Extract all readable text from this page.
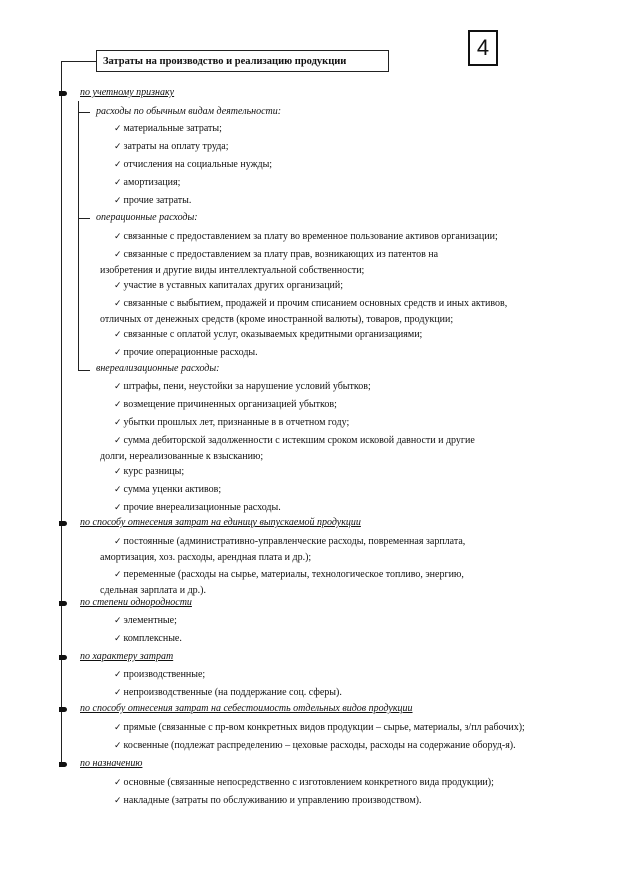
Затраты на производство и реализацию продукции
4
по учетному признаку
расходы по обычным видам деятельности:
✓ материальные затраты;
✓ затраты на оплату труда;
✓ отчисления на социальные нужды;
✓ амортизация;
✓ прочие затраты.
операционные расходы:
✓ связанные с предоставлением за плату во временное пользование активов организации;
✓ связанные с предоставлением за плату прав, возникающих из патентов на
изобретения и другие виды интеллектуальной собственности;
✓ участие в уставных капиталах других организаций;
✓ связанные с выбытием, продажей и прочим списанием основных средств и иных активов,
отличных от денежных средств (кроме иностранной валюты), товаров, продукции;
✓ связанные с оплатой услуг, оказываемых кредитными организациями;
✓ прочие операционные расходы.
внереализационные расходы:
✓ штрафы, пени, неустойки за нарушение условий убытков;
✓ возмещение причиненных организацией убытков;
✓ убытки прошлых лет, признанные в в отчетном году;
✓ сумма дебиторской задолженности с истекшим сроком исковой давности и другие
долги, нереализованные к взысканию;
✓ курс разницы;
✓ сумма уценки активов;
✓ прочие внереализационные расходы.
по способу отнесения затрат на единицу выпускаемой продукции
✓ постоянные (административно-управленческие расходы, повременная зарплата,
амортизация, хоз. расходы, арендная плата и др.);
✓ переменные (расходы на сырье, материалы, технологическое топливо, энергию,
сдельная зарплата и др.).
по степени однородности
✓ элементные;
✓ комплексные.
по характеру затрат
✓ производственные;
✓ непроизводственные (на поддержание соц. сферы).
по способу отнесения затрат на себестоимость отдельных видов продукции
✓ прямые (связанные с пр-вом конкретных видов продукции – сырье, материалы, з/пл рабочих);
✓ косвенные (подлежат распределению – цеховые расходы, расходы на содержание оборуд-я).
по назначению
✓ основные (связанные непосредственно с изготовлением конкретного вида продукции);
✓ накладные (затраты по обслуживанию и управлению производством).
